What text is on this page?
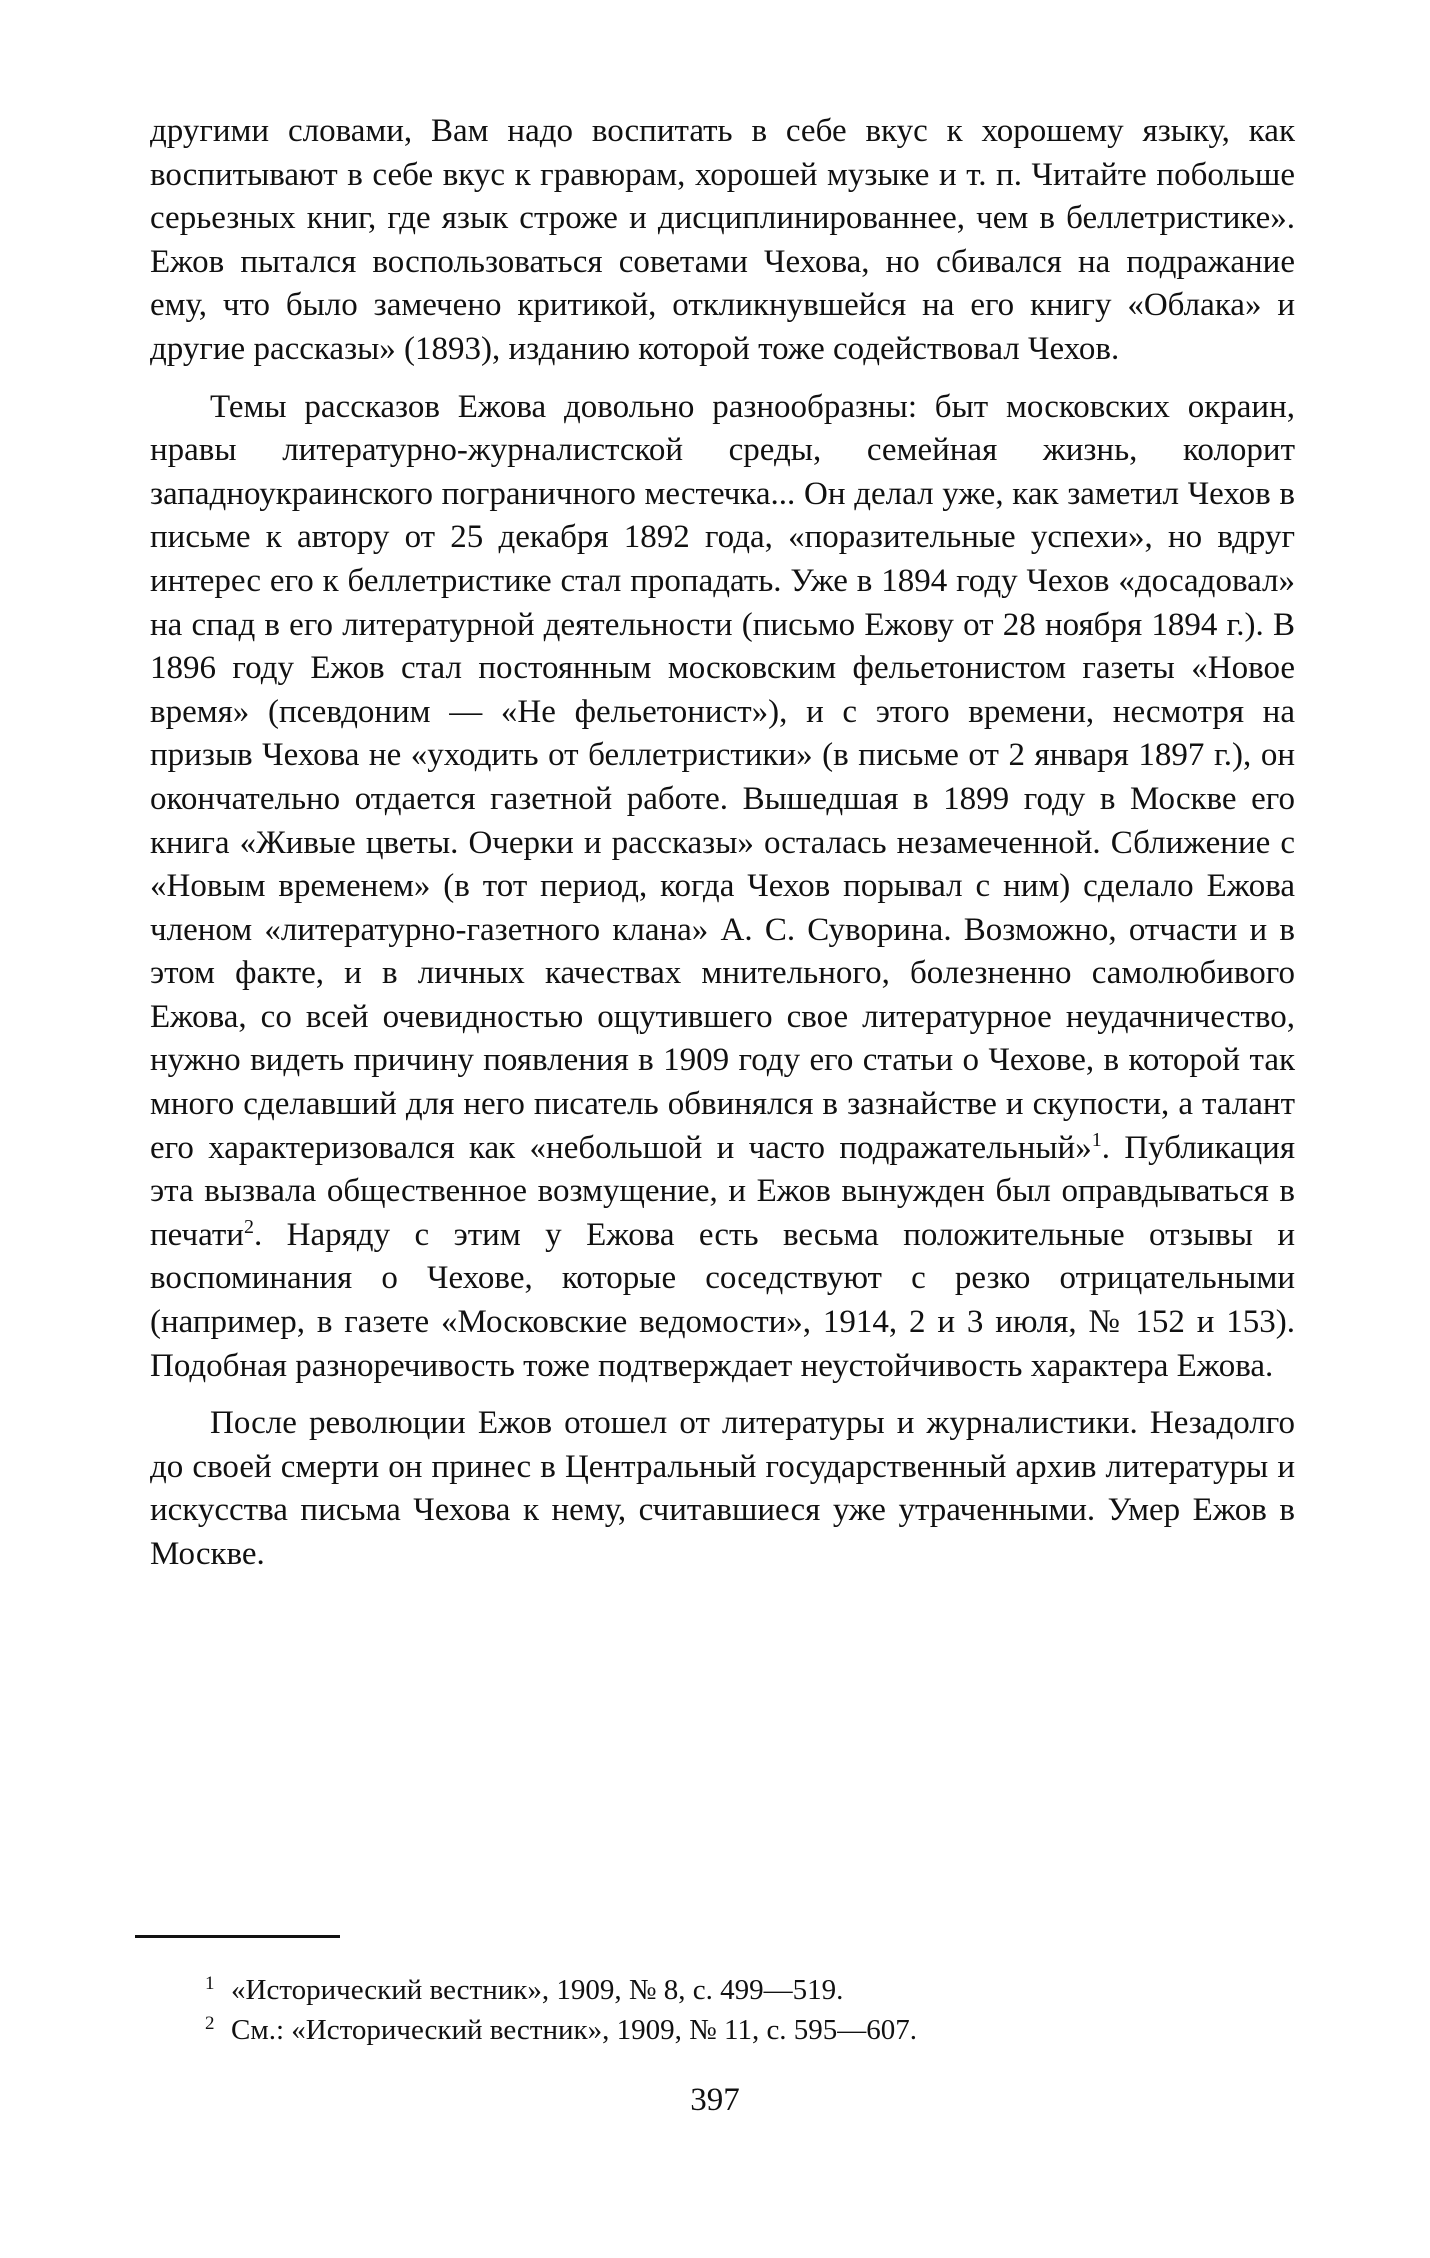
другими словами, Вам надо воспитать в себе вкус к хорошему языку, как воспитывают в себе вкус к гравюрам, хорошей музыке и т. п. Читайте побольше серьезных книг, где язык строже и дисциплинированнее, чем в беллетристике». Ежов пытался воспользоваться советами Чехова, но сбивался на подражание ему, что было замечено критикой, откликнувшейся на его книгу «Облака» и другие рассказы» (1893), изданию которой тоже содействовал Чехов.

Темы рассказов Ежова довольно разнообразны: быт московских окраин, нравы литературно-журналистской среды, семейная жизнь, колорит западноукраинского пограничного местечка... Он делал уже, как заметил Чехов в письме к автору от 25 декабря 1892 года, «поразительные успехи», но вдруг интерес его к беллетристике стал пропадать. Уже в 1894 году Чехов «досадовал» на спад в его литературной деятельности (письмо Ежову от 28 ноября 1894 г.). В 1896 году Ежов стал постоянным московским фельетонистом газеты «Новое время» (псевдоним — «Не фельетонист»), и с этого времени, несмотря на призыв Чехова не «уходить от беллетристики» (в письме от 2 января 1897 г.), он окончательно отдается газетной работе. Вышедшая в 1899 году в Москве его книга «Живые цветы. Очерки и рассказы» осталась незамеченной. Сближение с «Новым временем» (в тот период, когда Чехов порывал с ним) сделало Ежова членом «литературно-газетного клана» А. С. Суворина. Возможно, отчасти и в этом факте, и в личных качествах мнительного, болезненно самолюбивого Ежова, со всей очевидностью ощутившего свое литературное неудачничество, нужно видеть причину появления в 1909 году его статьи о Чехове, в которой так много сделавший для него писатель обвинялся в зазнайстве и скупости, а талант его характеризовался как «небольшой и часто подражательный»$^1$. Публикация эта вызвала общественное возмущение, и Ежов вынужден был оправдываться в печати$^2$. Наряду с этим у Ежова есть весьма положительные отзывы и воспоминания о Чехове, которые соседствуют с резко отрицательными (например, в газете «Московские ведомости», 1914, 2 и 3 июля, № 152 и 153). Подобная разноречивость тоже подтверждает неустойчивость характера Ежова.

После революции Ежов отошел от литературы и журналистики. Незадолго до своей смерти он принес в Центральный государственный архив литературы и искусства письма Чехова к нему, считавшиеся уже утраченными. Умер Ежов в Москве.

1 «Исторический вестник», 1909, № 8, с. 499—519.
2 См.: «Исторический вестник», 1909, № 11, с. 595—607.
397
